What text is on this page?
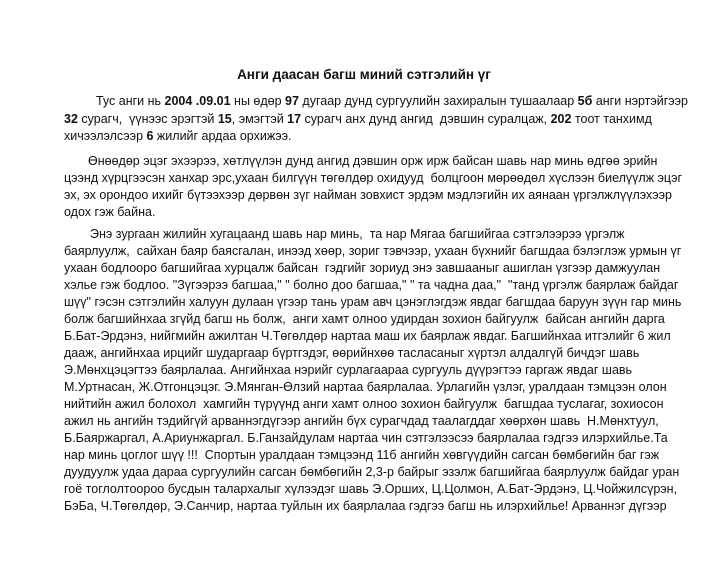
Анги даасан багш миний сэтгэлийн үг
Тус анги нь 2004 .09.01 ны өдөр 97 дугаар дунд сургуулийн захиралын тушаалаар 5б анги нэртэйгээр
32 сурагч,  үүнээс эрэгтэй 15, эмэгтэй 17 сурагч анх дунд ангид  дэвшин суралцаж, 202 тоот танхимд
хичээлэлсээр 6 жилийг ардаа орхижээ.
Өнөөдөр эцэг эхээрээ, хөтлүүлэн дунд ангид дэвшин орж ирж байсан шавь нар минь өдгөө эрийн
цээнд хүрцгээсэн ханхар эрс,ухаан билгүүн төгөлдөр охидууд  болцгоон мөрөөдөл хүслээн биелүүлж эцэг
эх, эх орондоо ихийг бүтээхээр дөрвөн зүг найман зовхист эрдэм мэдлэгийн их аянаан үргэлжлүүлэхээр
одох гэж байна.
Энэ зургаан жилийн хугацаанд шавь нар минь,  та нар Мягаа багшийгаа сэтгэлээрээ үргэлж
баярлуулж,  сайхан баяр баясгалан, инээд хөөр, зориг тэвчээр, ухаан бүхнийг багшдаа бэлэглэж урмын үг
ухаан бодлооро багшийгаа хурцалж байсан  гэдгийг зориуд энэ завшааныг ашиглан үзгээр дамжуулан
хэлье гэж бодлоо. "Зүгээрээ багшаа," " болно доо багшаа," " та чадна даа,"  "танд үргэлж баярлаж байдаг
шүү" гэсэн сэтгэлийн халуун дулаан үгээр тань урам авч цэнэглэгдэж явдаг багшдаа баруун зүүн гар минь
болж багшийнхаа згүйд багш нь болж,  анги хамт олноо удирдан зохион байгуулж  байсан ангийн дарга
Б.Бат-Эрдэнэ, нийгмийн ажилтан Ч.Төгөлдөр нартаа маш их баярлаж явдаг. Багшийнхаа итгэлийг 6 жил
дааж, ангийнхаа ирцийг шударгаар бүртгэдэг, өөрийнхөө тасласаныг хүртэл алдалгүй бичдэг шавь
Э.Мөнхцэцэгтээ баярлалаа. Ангийнхаа нэрийг сурлагаараа сургууль дүүрэгтээ гаргаж явдаг шавь
М.Уртнасан, Ж.Отгонцэцэг. Э.Мянган-Өлзий нартаа баярлалаа. Урлагийн үзлэг, уралдаан тэмцээн олон
нийтийн ажил болохол  хамгийн түрүүнд анги хамт олноо зохион байгуулж  багшдаа туслагаг, зохиосон
ажил нь ангийн тэдийгүй арваннэгдүгээр ангийн бүх сурагчдад таалагддаг хөөрхөн шавь  Н.Мөнхтуул,
Б.Баяржаргал, А.Ариунжаргал. Б.Ганзайдулам нартаа чин сэтгэлээсээ баярлалаа гэдгээ илэрхийлье.Та
нар минь цоглог шүү !!!  Спортын уралдаан тэмцээнд 11б ангийн хөвгүүдийн сагсан бөмбөгийн баг гэж
дуудуулж удаа дараа сургуулийн сагсан бөмбөгийн 2,3-р байрыг эзэлж багшийгаа баярлуулж байдаг уран
гоё тоглолтоороо бусдын талархалыг хүлээдэг шавь Э.Орших, Ц.Цолмон, А.Бат-Эрдэнэ, Ц.Чойжилсүрэн,
БэБа, Ч.Төгөлдөр, Э.Санчир, нартаа туйлын их баярлалаа гэдгээ багш нь илэрхийлье! Арваннэг дүгээр
